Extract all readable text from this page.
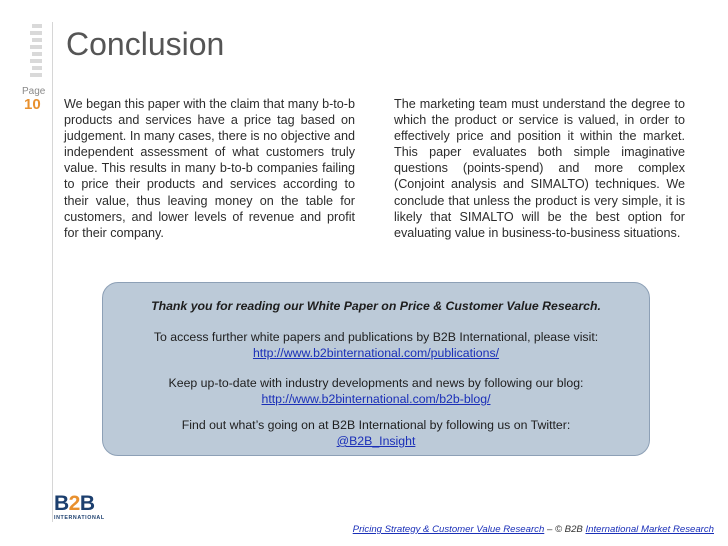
Page
10
Conclusion

We began this paper with the claim that many b-to-b products and services have a price tag based on judgement. In many cases, there is no objective and independent assessment of what customers truly value. This results in many b-to-b companies failing to price their products and services according to their value, thus leaving money on the table for customers, and lower levels of revenue and profit for their company.

The marketing team must understand the degree to which the product or service is valued, in order to effectively price and position it within the market. This paper evaluates both simple imaginative questions (points-spend) and more complex (Conjoint analysis and SIMALTO) techniques. We conclude that unless the product is very simple, it is likely that SIMALTO will be the best option for evaluating value in business-to-business situations.

Thank you for reading our White Paper on Price & Customer Value Research.

To access further white papers and publications by B2B International, please visit:

http://www.b2binternational.com/publications/

Keep up-to-date with industry developments and news by following our blog:

http://www.b2binternational.com/b2b-blog/

Find out what’s going on at B2B International by following us on Twitter:

@B2B_Insight

B2B
INTERNATIONAL
Pricing Strategy & Customer Value Research – © B2B International Market Research
